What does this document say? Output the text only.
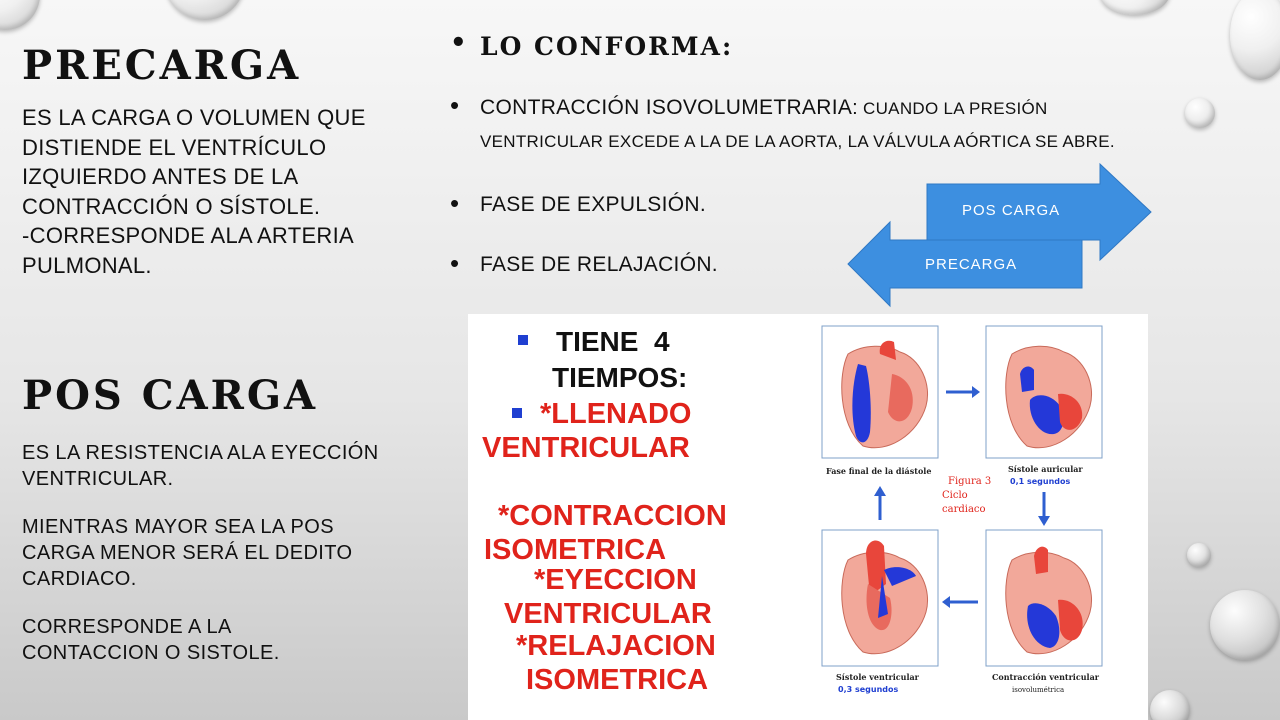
PRECARGA
ES LA CARGA O VOLUMEN QUE
DISTIENDE EL VENTRÍCULO
IZQUIERDO ANTES DE LA
CONTRACCIÓN O SÍSTOLE.
-CORRESPONDE ALA ARTERIA
PULMONAL.
POS CARGA
ES LA RESISTENCIA ALA EYECCIÓN
VENTRICULAR.
MIENTRAS MAYOR SEA LA POS
CARGA MENOR SERÁ EL DEDITO
CARDIACO.
CORRESPONDE A LA
CONTACCION O SISTOLE.
• LO CONFORMA:
• CONTRACCIÓN ISOVOLUMETRARIA: CUANDO LA PRESIÓN
VENTRICULAR EXCEDE A LA DE LA AORTA, LA VÁLVULA AÓRTICA SE ABRE.
• FASE DE EXPULSIÓN.
• FASE DE RELAJACIÓN.
POS CARGA
PRECARGA
TIENE  4
TIEMPOS:
*LLENADO
VENTRICULAR
*CONTRACCION
ISOMETRICA
*EYECCION
VENTRICULAR
*RELAJACION
ISOMETRICA
Fase final de la diástole	Sístole auricular
0,1 segundos
Figura 3
Ciclo
cardiaco
Sístole ventricular
0,3 segundos
Contracción ventricular
isovolumétrica
